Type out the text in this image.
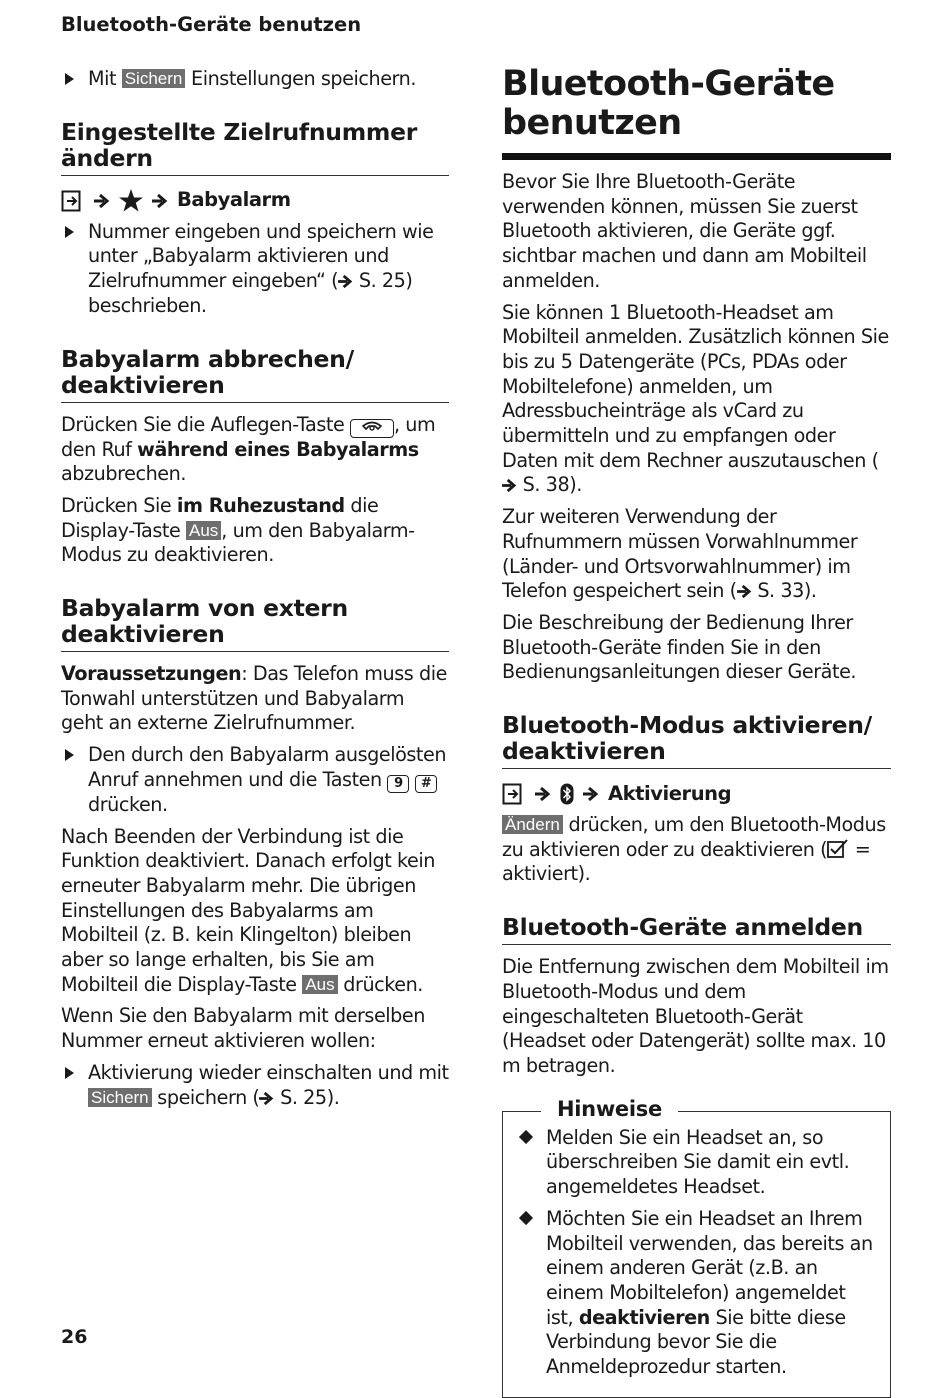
Bluetooth-Geräte benutzen
Mit Sichern Einstellungen speichern.
Eingestellte Zielrufnummer ändern
Babyalarm
Nummer eingeben und speichern wie unter „Babyalarm aktivieren und Zielrufnummer eingeben“ ( S. 25) beschrieben.
Babyalarm abbrechen/ deaktivieren

Drücken Sie die Auflegen-Taste	, um den Ruf während eines Babyalarms abzubrechen.

Drücken Sie im Ruhezustand die Display-Taste Aus , um den Babyalarm-Modus zu deaktivieren.

Babyalarm von extern deaktivieren

Voraussetzungen: Das Telefon muss die Tonwahl unterstützen und Babyalarm geht an externe Zielrufnummer.

Den durch den Babyalarm ausgelösten Anruf annehmen und die Tasten 9 # drücken.

Nach Beenden der Verbindung ist die Funktion deaktiviert. Danach erfolgt kein erneuter Babyalarm mehr. Die übrigen Einstellungen des Babyalarms am Mobilteil (z. B. kein Klingelton) bleiben aber so lange erhalten, bis Sie am Mobilteil die Display-Taste Aus drücken.

Wenn Sie den Babyalarm mit derselben Nummer erneut aktivieren wollen:

Aktivierung wieder einschalten und mit Sichern speichern ( S. 25).
Bluetooth-Geräte benutzen

Bevor Sie Ihre Bluetooth-Geräte verwenden können, müssen Sie zuerst Bluetooth aktivieren, die Geräte ggf. sichtbar machen und dann am Mobilteil anmelden.

Sie können 1 Bluetooth-Headset am Mobilteil anmelden. Zusätzlich können Sie bis zu 5 Datengeräte (PCs, PDAs oder Mobiltelefone) anmelden, um Adressbucheinträge als vCard zu übermitteln und zu empfangen oder Daten mit dem Rechner auszutauschen ( S. 38).

Zur weiteren Verwendung der Rufnummern müssen Vorwahlnummer (Länder- und Ortsvorwahlnummer) im Telefon gespeichert sein ( S. 33).

Die Beschreibung der Bedienung Ihrer Bluetooth-Geräte finden Sie in den Bedienungsanleitungen dieser Geräte.

Bluetooth-Modus aktivieren/ deaktivieren
Aktivierung

Ändern drücken, um den Bluetooth-Modus zu aktivieren oder zu deaktivieren ( = aktiviert).

Bluetooth-Geräte anmelden

Die Entfernung zwischen dem Mobilteil im Bluetooth-Modus und dem eingeschalteten Bluetooth-Gerät (Headset oder Datengerät) sollte max. 10 m betragen.

Hinweise
Melden Sie ein Headset an, so überschreiben Sie damit ein evtl. angemeldetes Headset.
Möchten Sie ein Headset an Ihrem Mobilteil verwenden, das bereits an einem anderen Gerät (z.B. an einem Mobiltelefon) angemeldet ist, deaktivieren Sie bitte diese Verbindung bevor Sie die Anmeldeprozedur starten.
26
